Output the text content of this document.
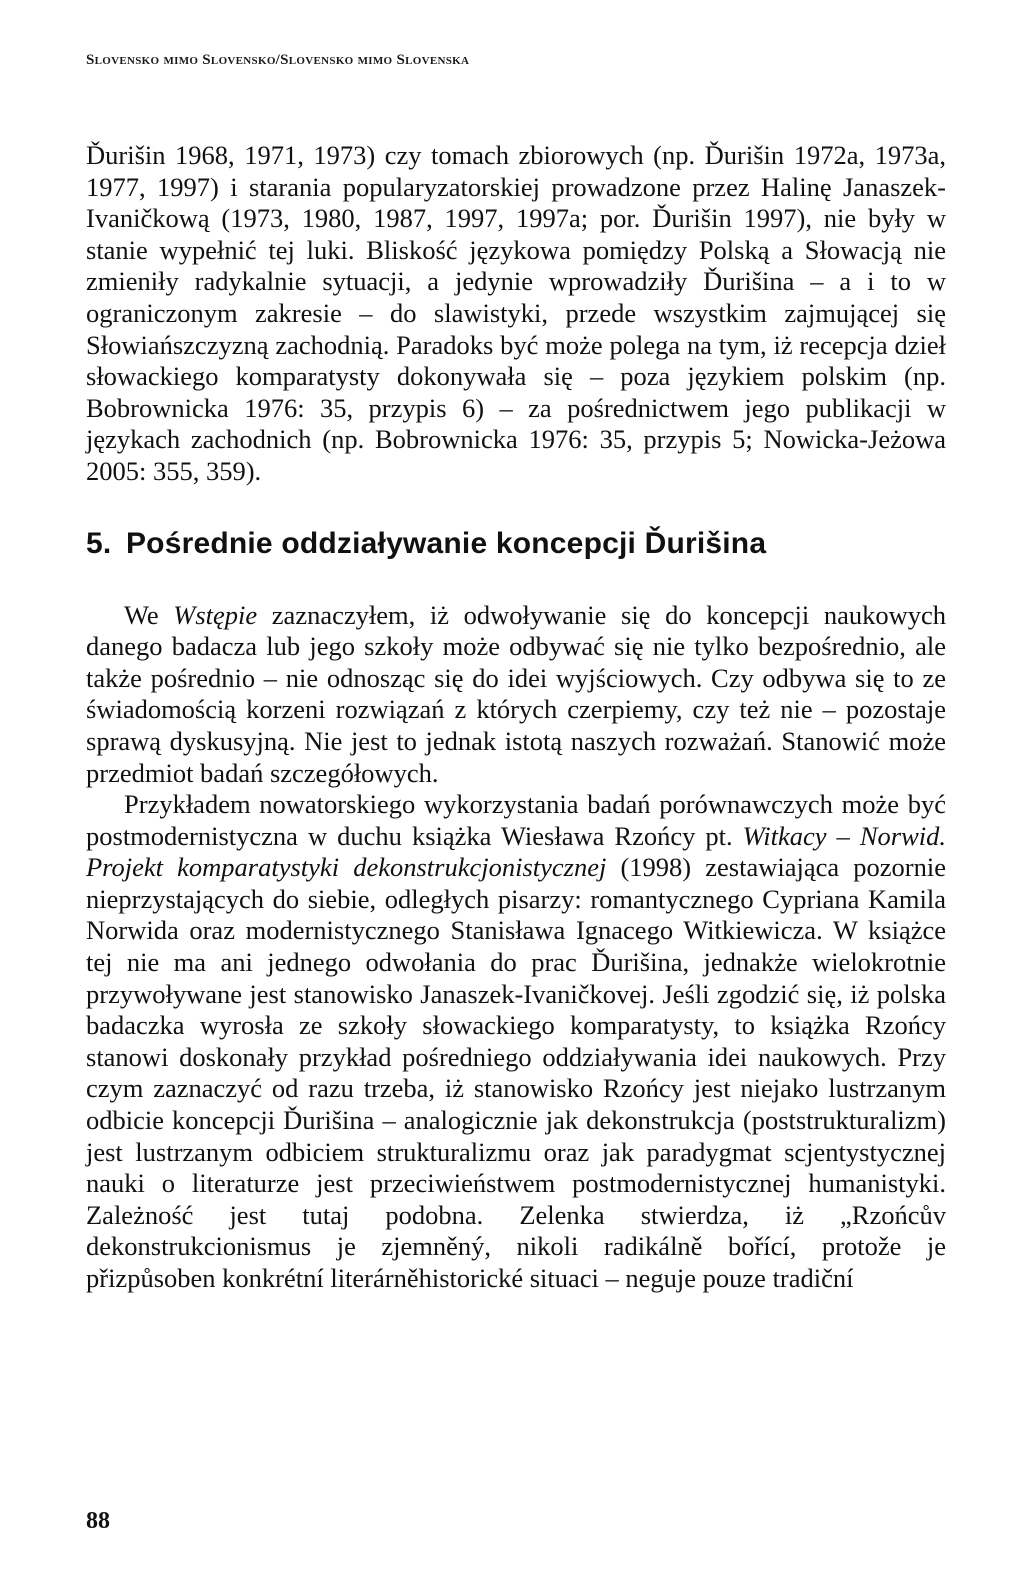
Slovensko mimo Slovensko/Slovensko mimo Slovenska

Ďurišin 1968, 1971, 1973) czy tomach zbiorowych (np. Ďurišin 1972a, 1973a, 1977, 1997) i starania popularyzatorskiej prowadzone przez Halinę Janaszek-Ivaničkową (1973, 1980, 1987, 1997, 1997a; por. Ďurišin 1997), nie były w stanie wypełnić tej luki. Bliskość językowa pomiędzy Polską a Słowacją nie zmieniły radykalnie sytuacji, a jedynie wprowadziły Ďurišina – a i to w ograniczonym zakresie – do slawistyki, przede wszystkim zajmującej się Słowiańszczyzną zachodnią. Paradoks być może polega na tym, iż recepcja dzieł słowackiego komparatysty dokonywała się – poza językiem polskim (np. Bobrownicka 1976: 35, przypis 6) – za pośrednictwem jego publikacji w językach zachodnich (np. Bobrownicka 1976: 35, przypis 5; Nowicka-Jeżowa 2005: 355, 359).

5. Pośrednie oddziaływanie koncepcji Ďurišina

We Wstępie zaznaczyłem, iż odwoływanie się do koncepcji naukowych danego badacza lub jego szkoły może odbywać się nie tylko bezpośrednio, ale także pośrednio – nie odnosząc się do idei wyjściowych. Czy odbywa się to ze świadomością korzeni rozwiązań z których czerpiemy, czy też nie – pozostaje sprawą dyskusyjną. Nie jest to jednak istotą naszych rozważań. Stanowić może przedmiot badań szczegółowych.

Przykładem nowatorskiego wykorzystania badań porównawczych może być postmodernistyczna w duchu książka Wiesława Rzońcy pt. Witkacy – Norwid. Projekt komparatystyki dekonstrukcjonistycznej (1998) zestawiająca pozornie nieprzystających do siebie, odległych pisarzy: romantycznego Cypriana Kamila Norwida oraz modernistycznego Stanisława Ignacego Witkiewicza. W książce tej nie ma ani jednego odwołania do prac Ďurišina, jednakże wielokrotnie przywoływane jest stanowisko Janaszek-Ivaničkovej. Jeśli zgodzić się, iż polska badaczka wyrosła ze szkoły słowackiego komparatysty, to książka Rzońcy stanowi doskonały przykład pośredniego oddziaływania idei naukowych. Przy czym zaznaczyć od razu trzeba, iż stanowisko Rzońcy jest niejako lustrzanym odbicie koncepcji Ďurišina – analogicznie jak dekonstrukcja (poststrukturalizm) jest lustrzanym odbiciem strukturalizmu oraz jak paradygmat scjentystycznej nauki o literaturze jest przeciwieństwem postmodernistycznej humanistyki. Zależność jest tutaj podobna. Zelenka stwierdza, iż „Rzońcův dekonstrukcionismus je zjemněný, nikoli radikálně bořící, protože je přizpůsoben konkrétní literárněhistorické situaci – neguje pouze tradiční

88
